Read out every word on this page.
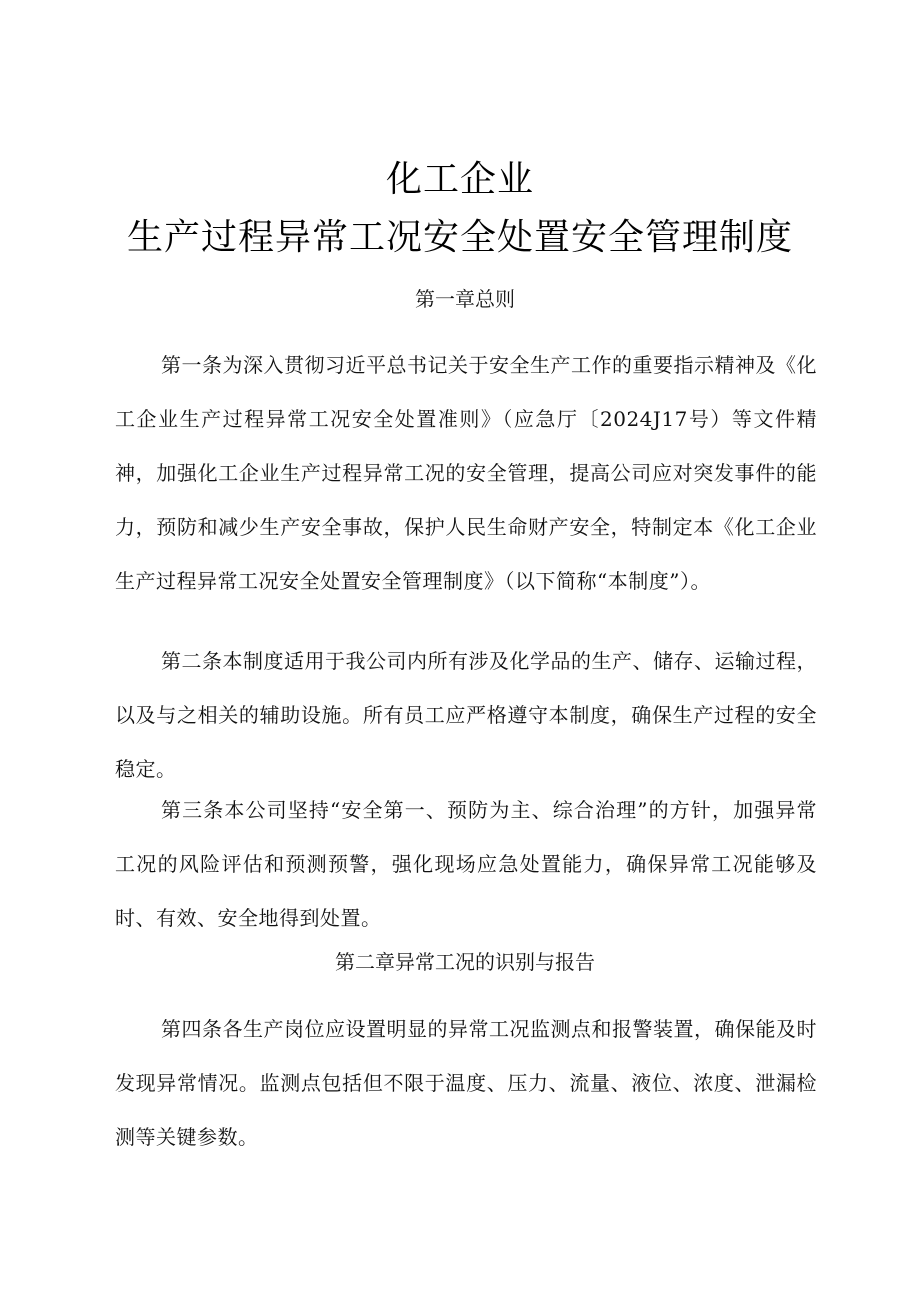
化工企业
生产过程异常工况安全处置安全管理制度
第一章总则
第一条为深入贯彻习近平总书记关于安全生产工作的重要指示精神及《化工企业生产过程异常工况安全处置准则》（应急厅〔2024J17号）等文件精神，加强化工企业生产过程异常工况的安全管理，提高公司应对突发事件的能力，预防和减少生产安全事故，保护人民生命财产安全，特制定本《化工企业生产过程异常工况安全处置安全管理制度》（以下简称“本制度”）。
第二条本制度适用于我公司内所有涉及化学品的生产、储存、运输过程，以及与之相关的辅助设施。所有员工应严格遵守本制度，确保生产过程的安全稳定。
第三条本公司坚持“安全第一、预防为主、综合治理”的方针，加强异常工况的风险评估和预测预警，强化现场应急处置能力，确保异常工况能够及时、有效、安全地得到处置。
第二章异常工况的识别与报告
第四条各生产岗位应设置明显的异常工况监测点和报警装置，确保能及时发现异常情况。监测点包括但不限于温度、压力、流量、液位、浓度、泄漏检测等关键参数。
